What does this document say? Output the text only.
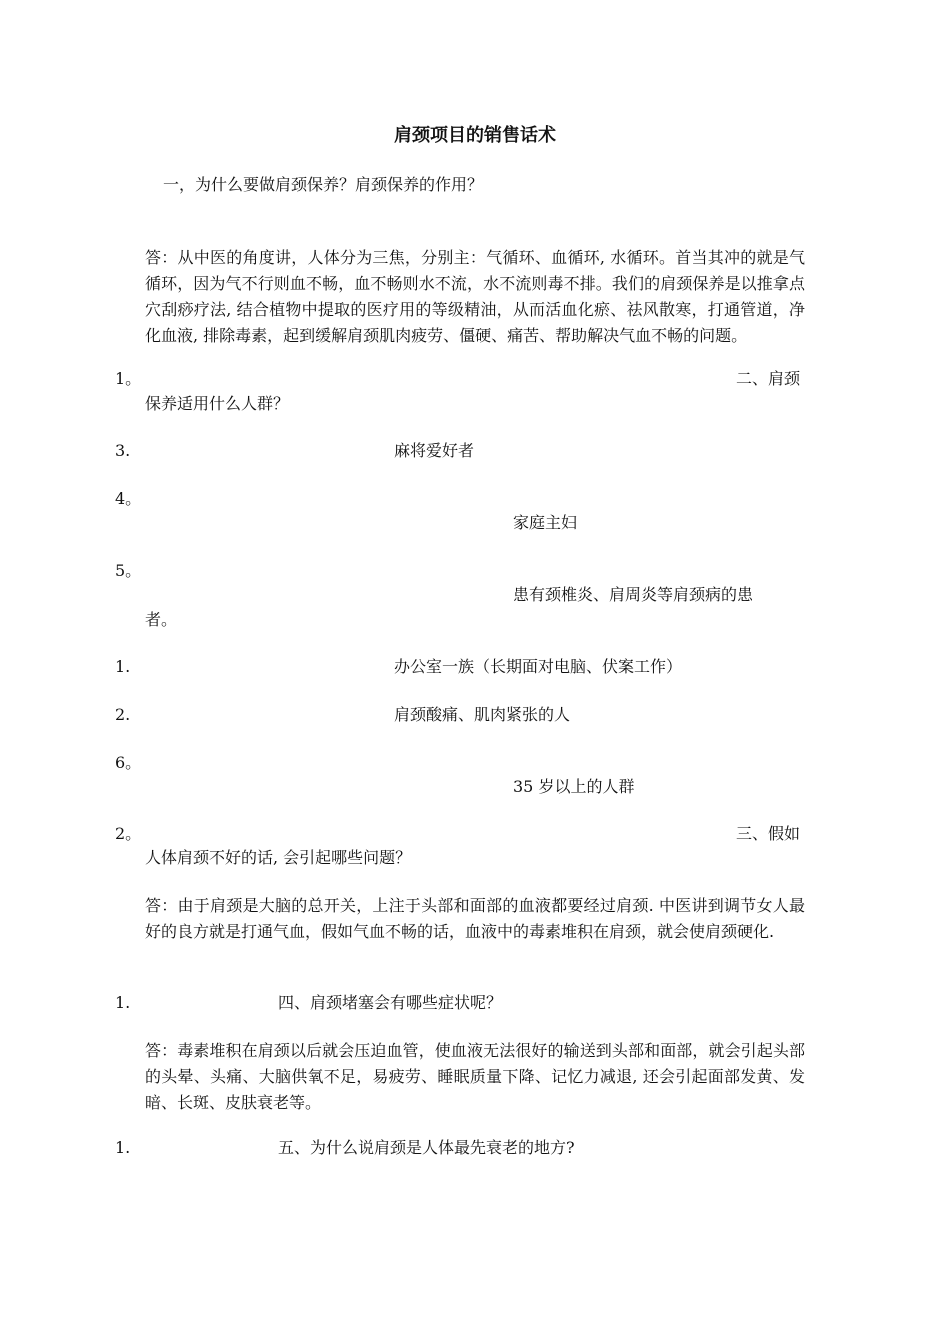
肩颈项目的销售话术
一，为什么要做肩颈保养？肩颈保养的作用？
答：从中医的角度讲，人体分为三焦，分别主：气循环、血循环, 水循环。首当其冲的就是气循环，因为气不行则血不畅，血不畅则水不流，水不流则毒不排。我们的肩颈保养是以推拿点穴刮痧疗法, 结合植物中提取的医疗用的等级精油，从而活血化瘀、祛风散寒，打通管道，净化血液, 排除毒素，起到缓解肩颈肌肉疲劳、僵硬、痛苦、帮助解决气血不畅的问题。
1。	二、肩颈
保养适用什么人群？
3.	麻将爱好者
4。
家庭主妇
5。
患有颈椎炎、肩周炎等肩颈病的患
者。
1.	办公室一族（长期面对电脑、伏案工作）
2.	肩颈酸痛、肌肉紧张的人
6。
35 岁以上的人群
2。	三、假如
人体肩颈不好的话, 会引起哪些问题？
答：由于肩颈是大脑的总开关，上注于头部和面部的血液都要经过肩颈. 中医讲到调节女人最好的良方就是打通气血，假如气血不畅的话，血液中的毒素堆积在肩颈，就会使肩颈硬化.
1.	四、肩颈堵塞会有哪些症状呢？
答：毒素堆积在肩颈以后就会压迫血管，使血液无法很好的输送到头部和面部，就会引起头部的头晕、头痛、大脑供氧不足，易疲劳、睡眠质量下降、记忆力减退, 还会引起面部发黄、发暗、长斑、皮肤衰老等。
1.	五、为什么说肩颈是人体最先衰老的地方?
